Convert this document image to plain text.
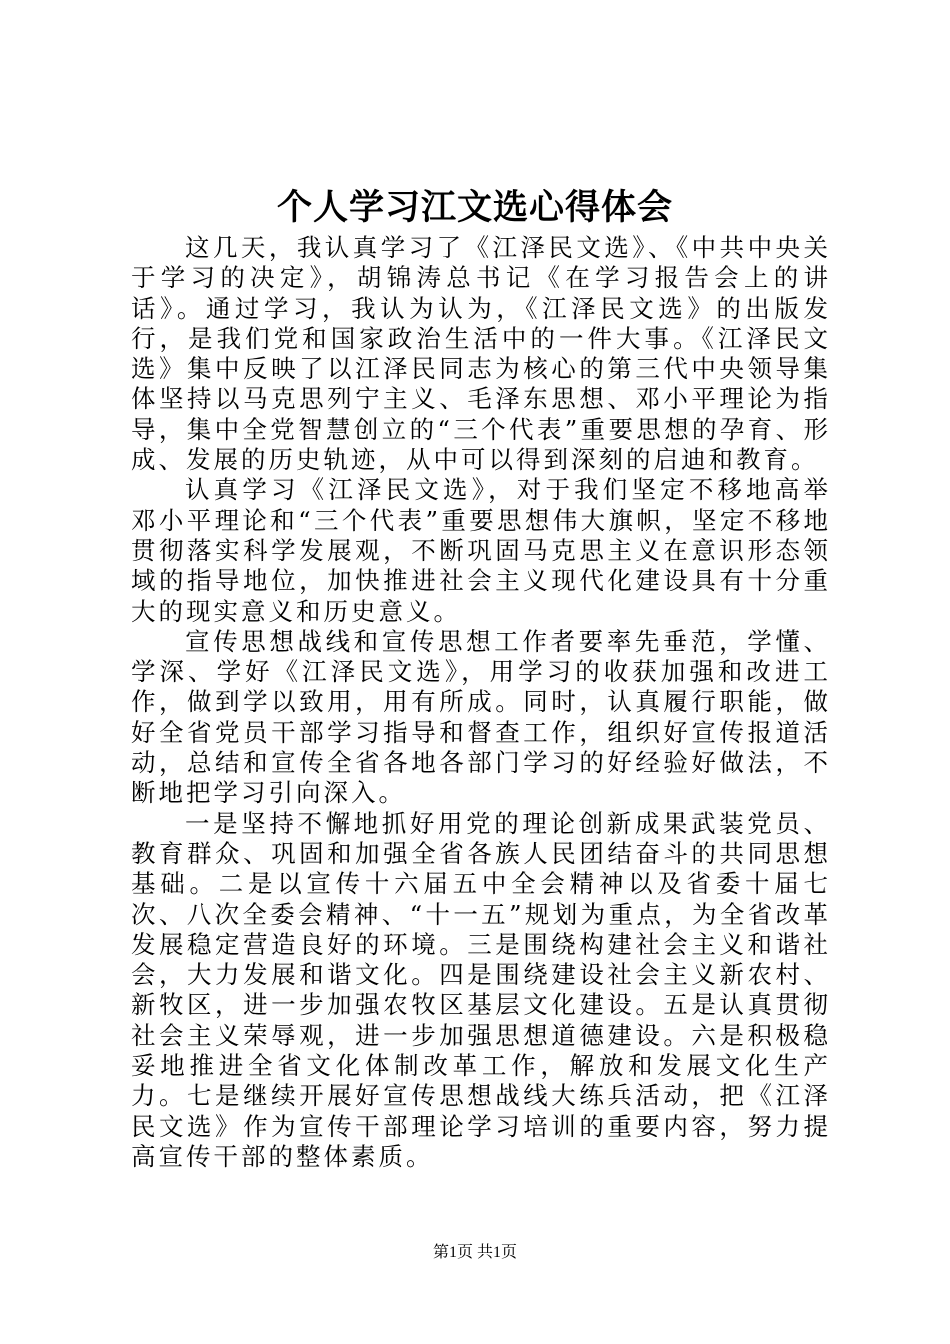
个人学习江文选心得体会

这几天，我认真学习了《江泽民文选》、《中共中央关于学习的决定》，胡锦涛总书记《在学习报告会上的讲话》。通过学习，我认为认为，《江泽民文选》的出版发行，是我们党和国家政治生活中的一件大事。《江泽民文选》集中反映了以江泽民同志为核心的第三代中央领导集体坚持以马克思列宁主义、毛泽东思想、邓小平理论为指导，集中全党智慧创立的“三个代表”重要思想的孕育、形成、发展的历史轨迹，从中可以得到深刻的启迪和教育。

认真学习《江泽民文选》，对于我们坚定不移地高举邓小平理论和“三个代表”重要思想伟大旗帜，坚定不移地贯彻落实科学发展观，不断巩固马克思主义在意识形态领域的指导地位，加快推进社会主义现代化建设具有十分重大的现实意义和历史意义。

宣传思想战线和宣传思想工作者要率先垂范，学懂、学深、学好《江泽民文选》，用学习的收获加强和改进工作，做到学以致用，用有所成。同时，认真履行职能，做好全省党员干部学习指导和督查工作，组织好宣传报道活动，总结和宣传全省各地各部门学习的好经验好做法，不断地把学习引向深入。

一是坚持不懈地抓好用党的理论创新成果武装党员、教育群众、巩固和加强全省各族人民团结奋斗的共同思想基础。二是以宣传十六届五中全会精神以及省委十届七次、八次全委会精神、“十一五”规划为重点，为全省改革发展稳定营造良好的环境。三是围绕构建社会主义和谐社会，大力发展和谐文化。四是围绕建设社会主义新农村、新牧区，进一步加强农牧区基层文化建设。五是认真贯彻社会主义荣辱观，进一步加强思想道德建设。六是积极稳妥地推进全省文化体制改革工作，解放和发展文化生产力。七是继续开展好宣传思想战线大练兵活动，把《江泽民文选》作为宣传干部理论学习培训的重要内容，努力提高宣传干部的整体素质。

第1页 共1页
